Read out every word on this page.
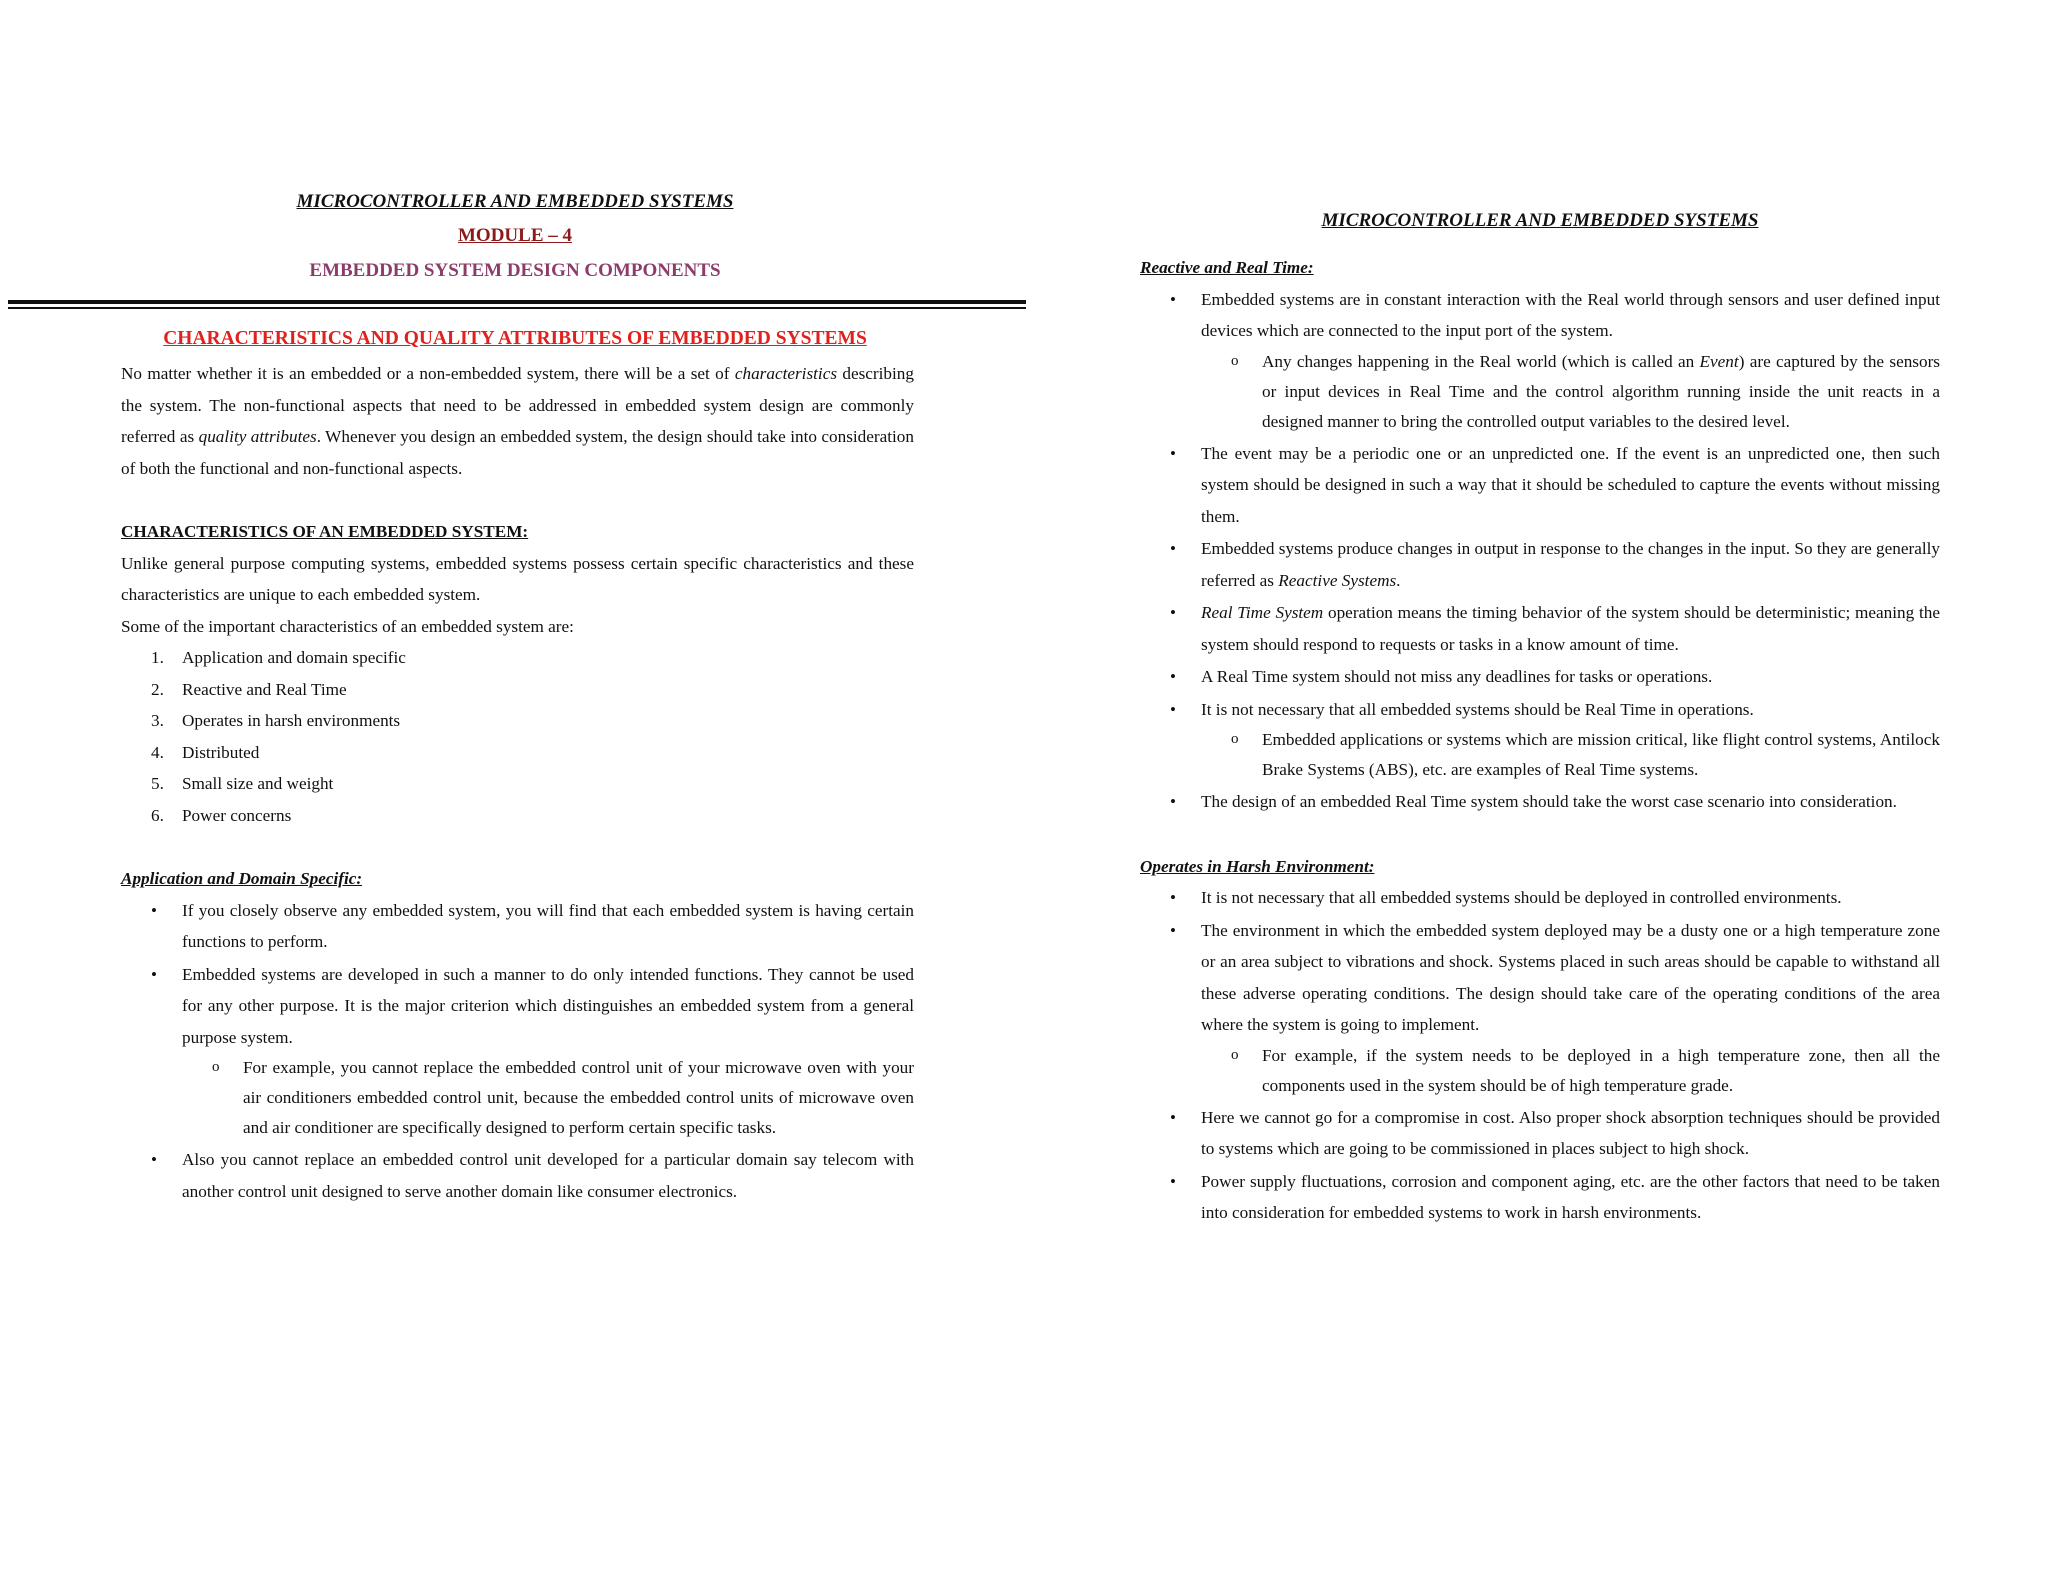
MICROCONTROLLER AND EMBEDDED SYSTEMS
MODULE – 4
EMBEDDED SYSTEM DESIGN COMPONENTS
CHARACTERISTICS AND QUALITY ATTRIBUTES OF EMBEDDED SYSTEMS

No matter whether it is an embedded or a non-embedded system, there will be a set of characteristics describing the system. The non-functional aspects that need to be addressed in embedded system design are commonly referred as quality attributes. Whenever you design an embedded system, the design should take into consideration of both the functional and non-functional aspects.

CHARACTERISTICS OF AN EMBEDDED SYSTEM:

Unlike general purpose computing systems, embedded systems possess certain specific characteristics and these characteristics are unique to each embedded system.

Some of the important characteristics of an embedded system are:

1. Application and domain specific
2. Reactive and Real Time
3. Operates in harsh environments
4. Distributed
5. Small size and weight
6. Power concerns
Application and Domain Specific:
• If you closely observe any embedded system, you will find that each embedded system is having certain functions to perform.
• Embedded systems are developed in such a manner to do only intended functions. They cannot be used for any other purpose. It is the major criterion which distinguishes an embedded system from a general purpose system.
o For example, you cannot replace the embedded control unit of your microwave oven with your air conditioners embedded control unit, because the embedded control units of microwave oven and air conditioner are specifically designed to perform certain specific tasks.
• Also you cannot replace an embedded control unit developed for a particular domain say telecom with another control unit designed to serve another domain like consumer electronics.
MICROCONTROLLER AND EMBEDDED SYSTEMS
Reactive and Real Time:
• Embedded systems are in constant interaction with the Real world through sensors and user defined input devices which are connected to the input port of the system.
o Any changes happening in the Real world (which is called an Event) are captured by the sensors or input devices in Real Time and the control algorithm running inside the unit reacts in a designed manner to bring the controlled output variables to the desired level.
• The event may be a periodic one or an unpredicted one. If the event is an unpredicted one, then such system should be designed in such a way that it should be scheduled to capture the events without missing them.
• Embedded systems produce changes in output in response to the changes in the input. So they are generally referred as Reactive Systems.
• Real Time System operation means the timing behavior of the system should be deterministic; meaning the system should respond to requests or tasks in a know amount of time.
• A Real Time system should not miss any deadlines for tasks or operations.
• It is not necessary that all embedded systems should be Real Time in operations.
o Embedded applications or systems which are mission critical, like flight control systems, Antilock Brake Systems (ABS), etc. are examples of Real Time systems.
• The design of an embedded Real Time system should take the worst case scenario into consideration.
Operates in Harsh Environment:
• It is not necessary that all embedded systems should be deployed in controlled environments.
• The environment in which the embedded system deployed may be a dusty one or a high temperature zone or an area subject to vibrations and shock. Systems placed in such areas should be capable to withstand all these adverse operating conditions. The design should take care of the operating conditions of the area where the system is going to implement.
o For example, if the system needs to be deployed in a high temperature zone, then all the components used in the system should be of high temperature grade.
• Here we cannot go for a compromise in cost. Also proper shock absorption techniques should be provided to systems which are going to be commissioned in places subject to high shock.
• Power supply fluctuations, corrosion and component aging, etc. are the other factors that need to be taken into consideration for embedded systems to work in harsh environments.
